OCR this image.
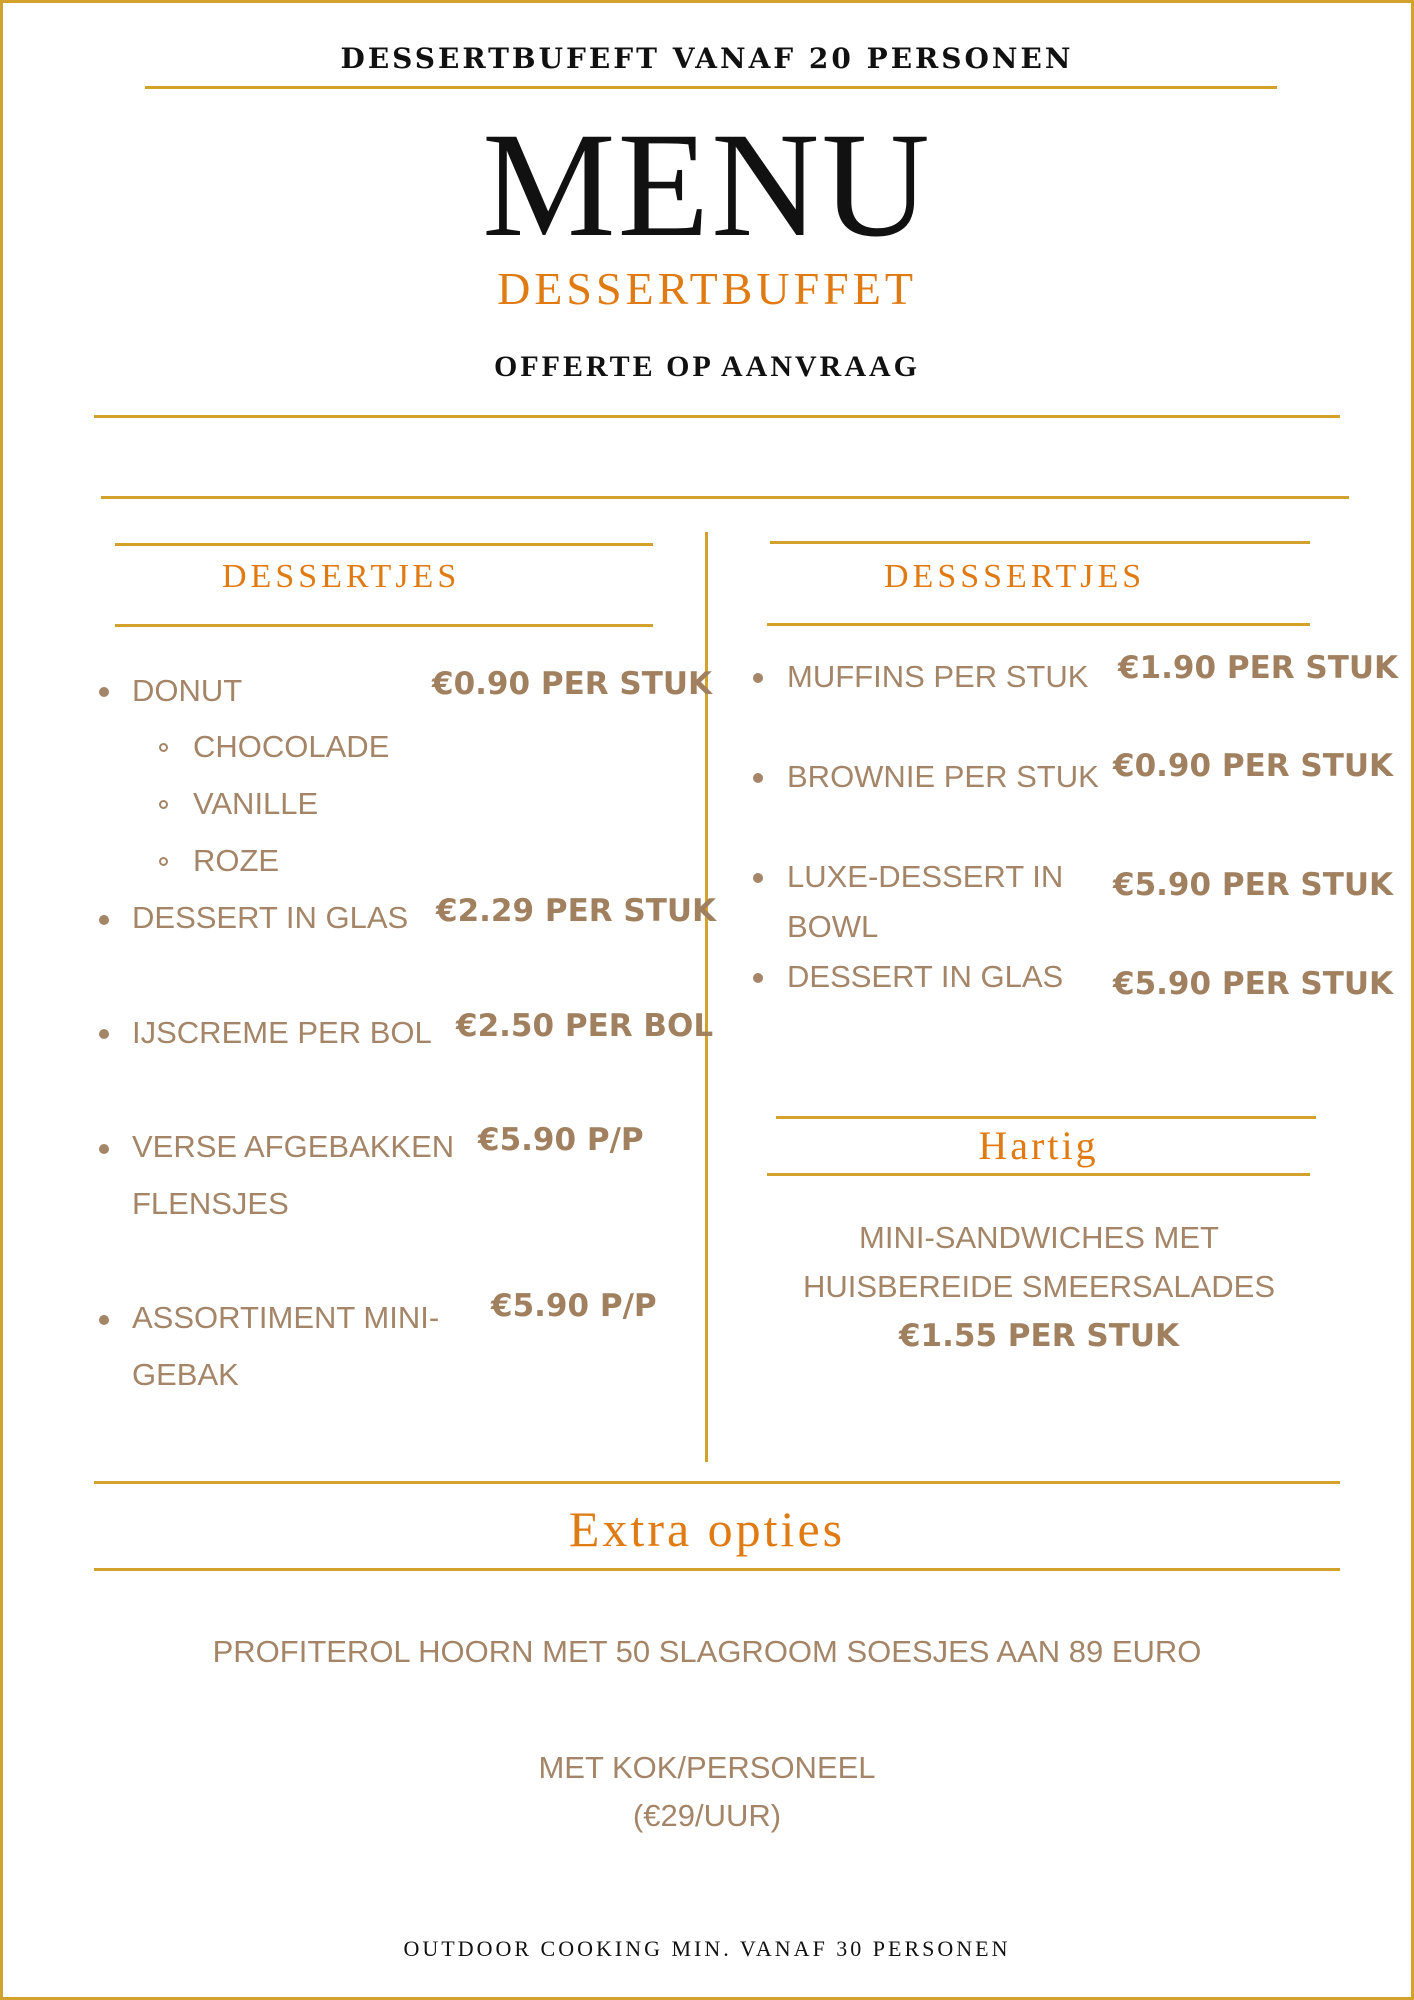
DESSERTBUFEFT VANAF 20 PERSONEN
MENU
DESSERTBUFFET
OFFERTE OP AANVRAAG
DESSERTJES
DONUT	€0.90 PER STUK
CHOCOLADE
VANILLE
ROZE
DESSERT IN GLAS €2.29 PER STUK
IJSCREME PER BOL €2.50 PER BOL
VERSE AFGEBAKKEN
FLENSJES
€5.90 P/P
ASSORTIMENT MINI-
GEBAK
€5.90 P/P
DESSSERTJES
MUFFINS PER STUK €1.90 PER STUK
BROWNIE PER STUK €0.90 PER STUK
LUXE-DESSERT IN
BOWL
€5.90 PER STUK
DESSERT IN GLAS €5.90 PER STUK
Hartig
MINI-SANDWICHES MET
HUISBEREIDE SMEERSALADES
€1.55 PER STUK
Extra opties
PROFITEROL HOORN MET 50 SLAGROOM SOESJES AAN 89 EURO
MET KOK/PERSONEEL
(€29/UUR)
OUTDOOR COOKING MIN. VANAF 30 PERSONEN
